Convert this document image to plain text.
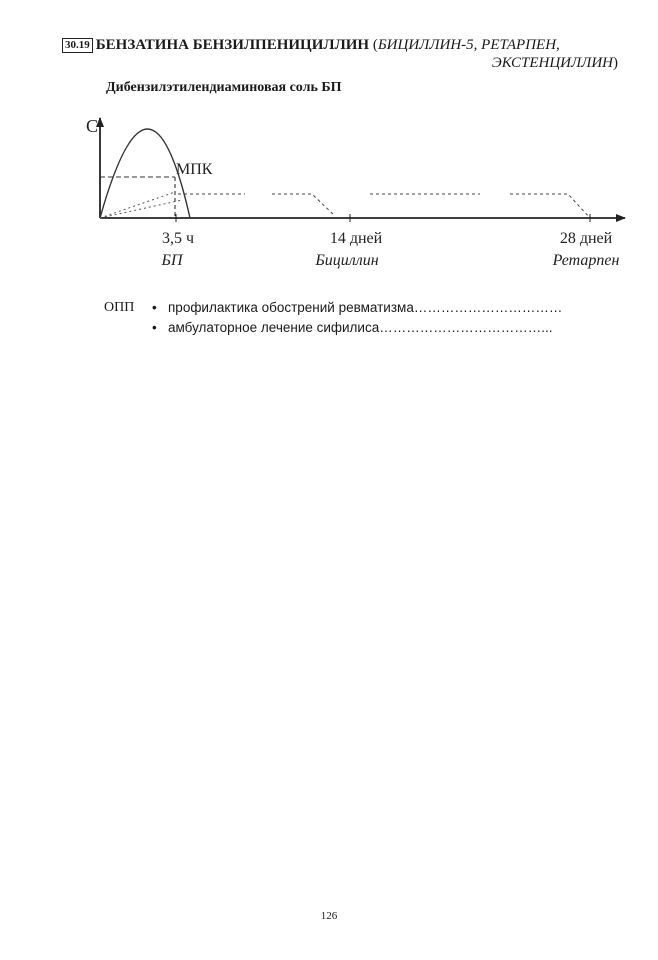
30.19 БЕНЗАТИНА БЕНЗИЛПЕНИЦИЛЛИН (БИЦИЛЛИН-5, РЕТАРПЕН,
ЭКСТЕНЦИЛЛИН)
Дибензилэтилендиаминовая соль БП
С
МПК
3,5 ч	14 дней	28 дней
БП	Бициллин	Ретарпен
ОПП • профилактика обострений ревматизма……………………………
• амбулаторное лечение сифилиса………………………………...
126
